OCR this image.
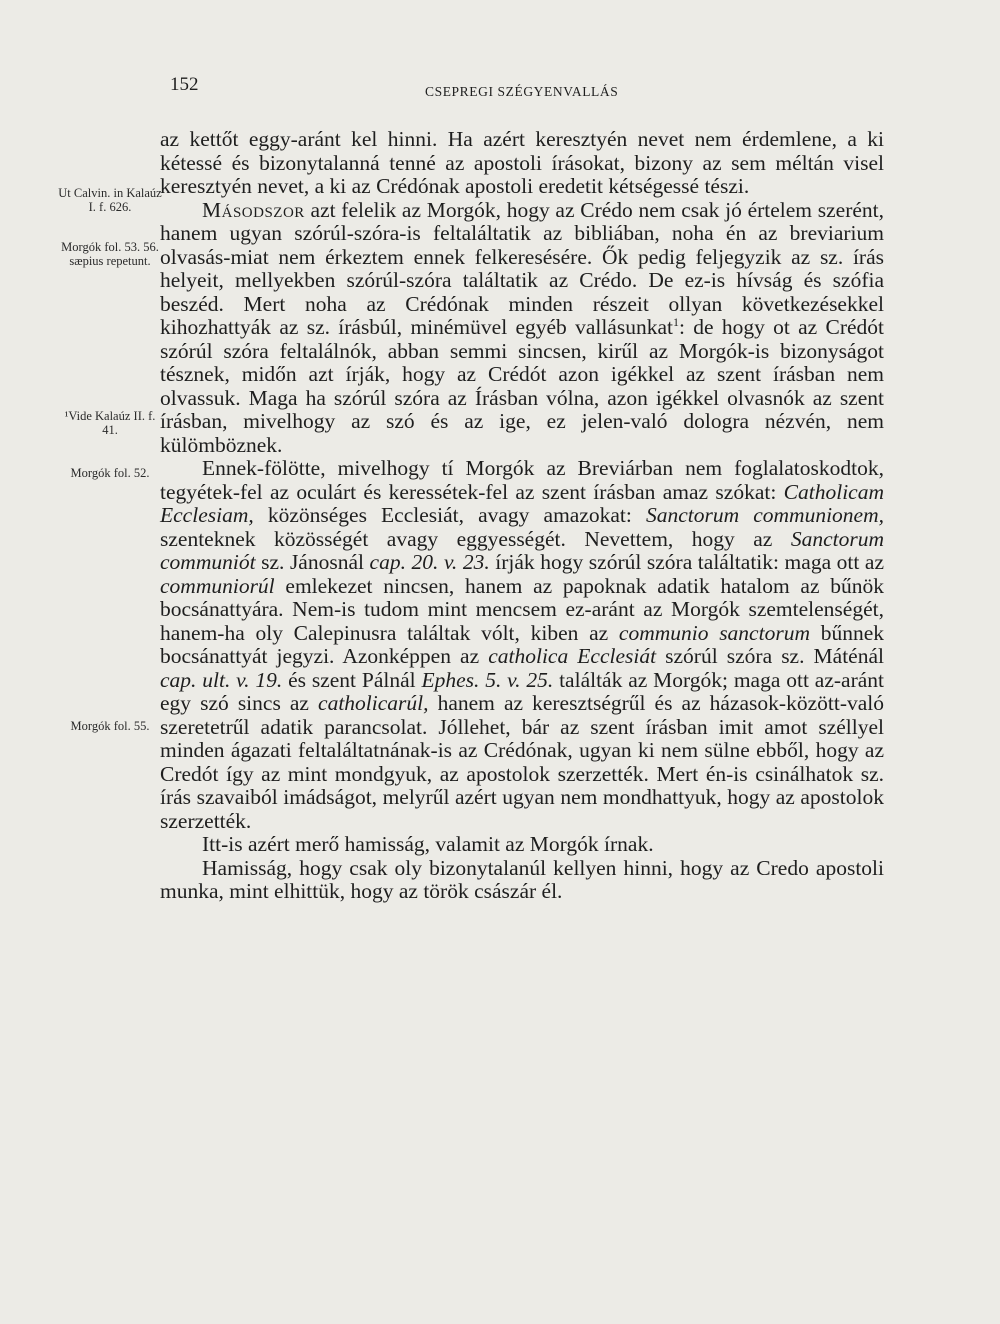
152	CSEPREGI SZÉGYENVALLÁS
Ut Calvin. in Kalaúz I. f. 626.
Morgók fol. 53. 56. sæpius repetunt.
¹Vide Kalaúz II. f. 41.
Morgók fol. 52.
Morgók fol. 55.

az kettőt eggy-aránt kel hinni. Ha azért keresztyén nevet nem érdemlene, a ki kétessé és bizonytalanná tenné az apostoli írásokat, bizony az sem méltán visel keresztyén nevet, a ki az Crédónak apostoli eredetit kétségessé tészi.

Másodszor azt felelik az Morgók, hogy az Crédo nem csak jó értelem szerént, hanem ugyan szórúl-szóra-is feltaláltatik az bibliában, noha én az breviarium olvasás-miat nem érkeztem ennek felkeresésére. Ők pedig feljegyzik az sz. írás helyeit, mellyekben szórúl-szóra találtatik az Crédo. De ez-is hívság és szófia beszéd. Mert noha az Crédónak minden részeit ollyan következésekkel kihozhattyák az sz. írásbúl, minémüvel egyéb vallásunkat$^1$: de hogy ot az Crédót szórúl szóra feltalálnók, abban semmi sincsen, kirűl az Morgók-is bizonyságot tésznek, midőn azt írják, hogy az Crédót azon igékkel az szent írásban nem olvassuk. Maga ha szórúl szóra az Írásban vólna, azon igékkel olvasnók az szent írásban, mivelhogy az szó és az ige, ez jelen-való dologra nézvén, nem külömböznek.

Ennek-fölötte, mivelhogy tí Morgók az Breviárban nem foglalatoskodtok, tegyétek-fel az oculárt és keressétek-fel az szent írásban amaz szókat: Catholicam Ecclesiam, közönséges Ecclesiát, avagy amazokat: Sanctorum communionem, szenteknek közösségét avagy eggyességét. Nevettem, hogy az Sanctorum communiót sz. Jánosnál cap. 20. v. 23. írják hogy szórúl szóra találtatik: maga ott az communiorúl emlekezet nincsen, hanem az papoknak adatik hatalom az bűnök bocsánattyára. Nem-is tudom mint mencsem ez-aránt az Morgók szemtelenségét, hanem-ha oly Calepinusra találtak vólt, kiben az communio sanctorum bűnnek bocsánattyát jegyzi. Azonképpen az catholica Ecclesiát szórúl szóra sz. Máténál cap. ult. v. 19. és szent Pálnál Ephes. 5. v. 25. találták az Morgók; maga ott az-aránt egy szó sincs az catholicarúl, hanem az keresztségrűl és az házasok-között-való szeretetrűl adatik parancsolat. Jóllehet, bár az szent írásban imit amot széllyel minden ágazati feltaláltatnának-is az Crédónak, ugyan ki nem sülne ebből, hogy az Credót így az mint mondgyuk, az apostolok szerzették. Mert én-is csinálhatok sz. írás szavaiból imádságot, melyrűl azért ugyan nem mondhattyuk, hogy az apostolok szerzették.

Itt-is azért merő hamisság, valamit az Morgók írnak.

Hamisság, hogy csak oly bizonytalanúl kellyen hinni, hogy az Credo apostoli munka, mint elhittük, hogy az török császár él.
